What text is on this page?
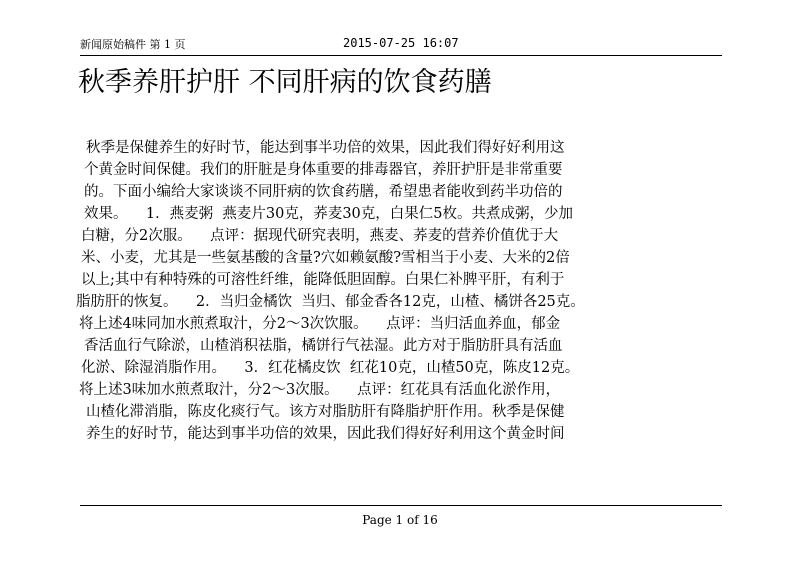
新闻原始稿件 第 1 页	2015-07-25 16:07
秋季养肝护肝 不同肝病的饮食药膳
秋季是保健养生的好时节，能达到事半功倍的效果，因此我们得好好利用这
个黄金时间保健。我们的肝脏是身体重要的排毒器官，养肝护肝是非常重要
的。下面小编给大家谈谈不同肝病的饮食药膳，希望患者能收到药半功倍的
效果。    1．燕麦粥  燕麦片30克，荞麦30克，白果仁5枚。共煮成粥，少加
白糖，分2次服。    点评：据现代研究表明，燕麦、荞麦的营养价值优于大
米、小麦，尤其是一些氨基酸的含量?穴如赖氨酸?雪相当于小麦、大米的2倍
以上;其中有种特殊的可溶性纤维，能降低胆固醇。白果仁补脾平肝，有利于
脂肪肝的恢复。    2．当归金橘饮  当归、郁金香各12克，山楂、橘饼各25克。
将上述4味同加水煎煮取汁，分2～3次饮服。    点评：当归活血养血，郁金
香活血行气除淤，山楂消积祛脂，橘饼行气祛湿。此方对于脂肪肝具有活血
化淤、除湿消脂作用。    3．红花橘皮饮  红花10克，山楂50克，陈皮12克。
将上述3味加水煎煮取汁，分2～3次服。    点评：红花具有活血化淤作用，
山楂化滞消脂，陈皮化痰行气。该方对脂肪肝有降脂护肝作用。秋季是保健
养生的好时节，能达到事半功倍的效果，因此我们得好好利用这个黄金时间
Page 1 of 16
